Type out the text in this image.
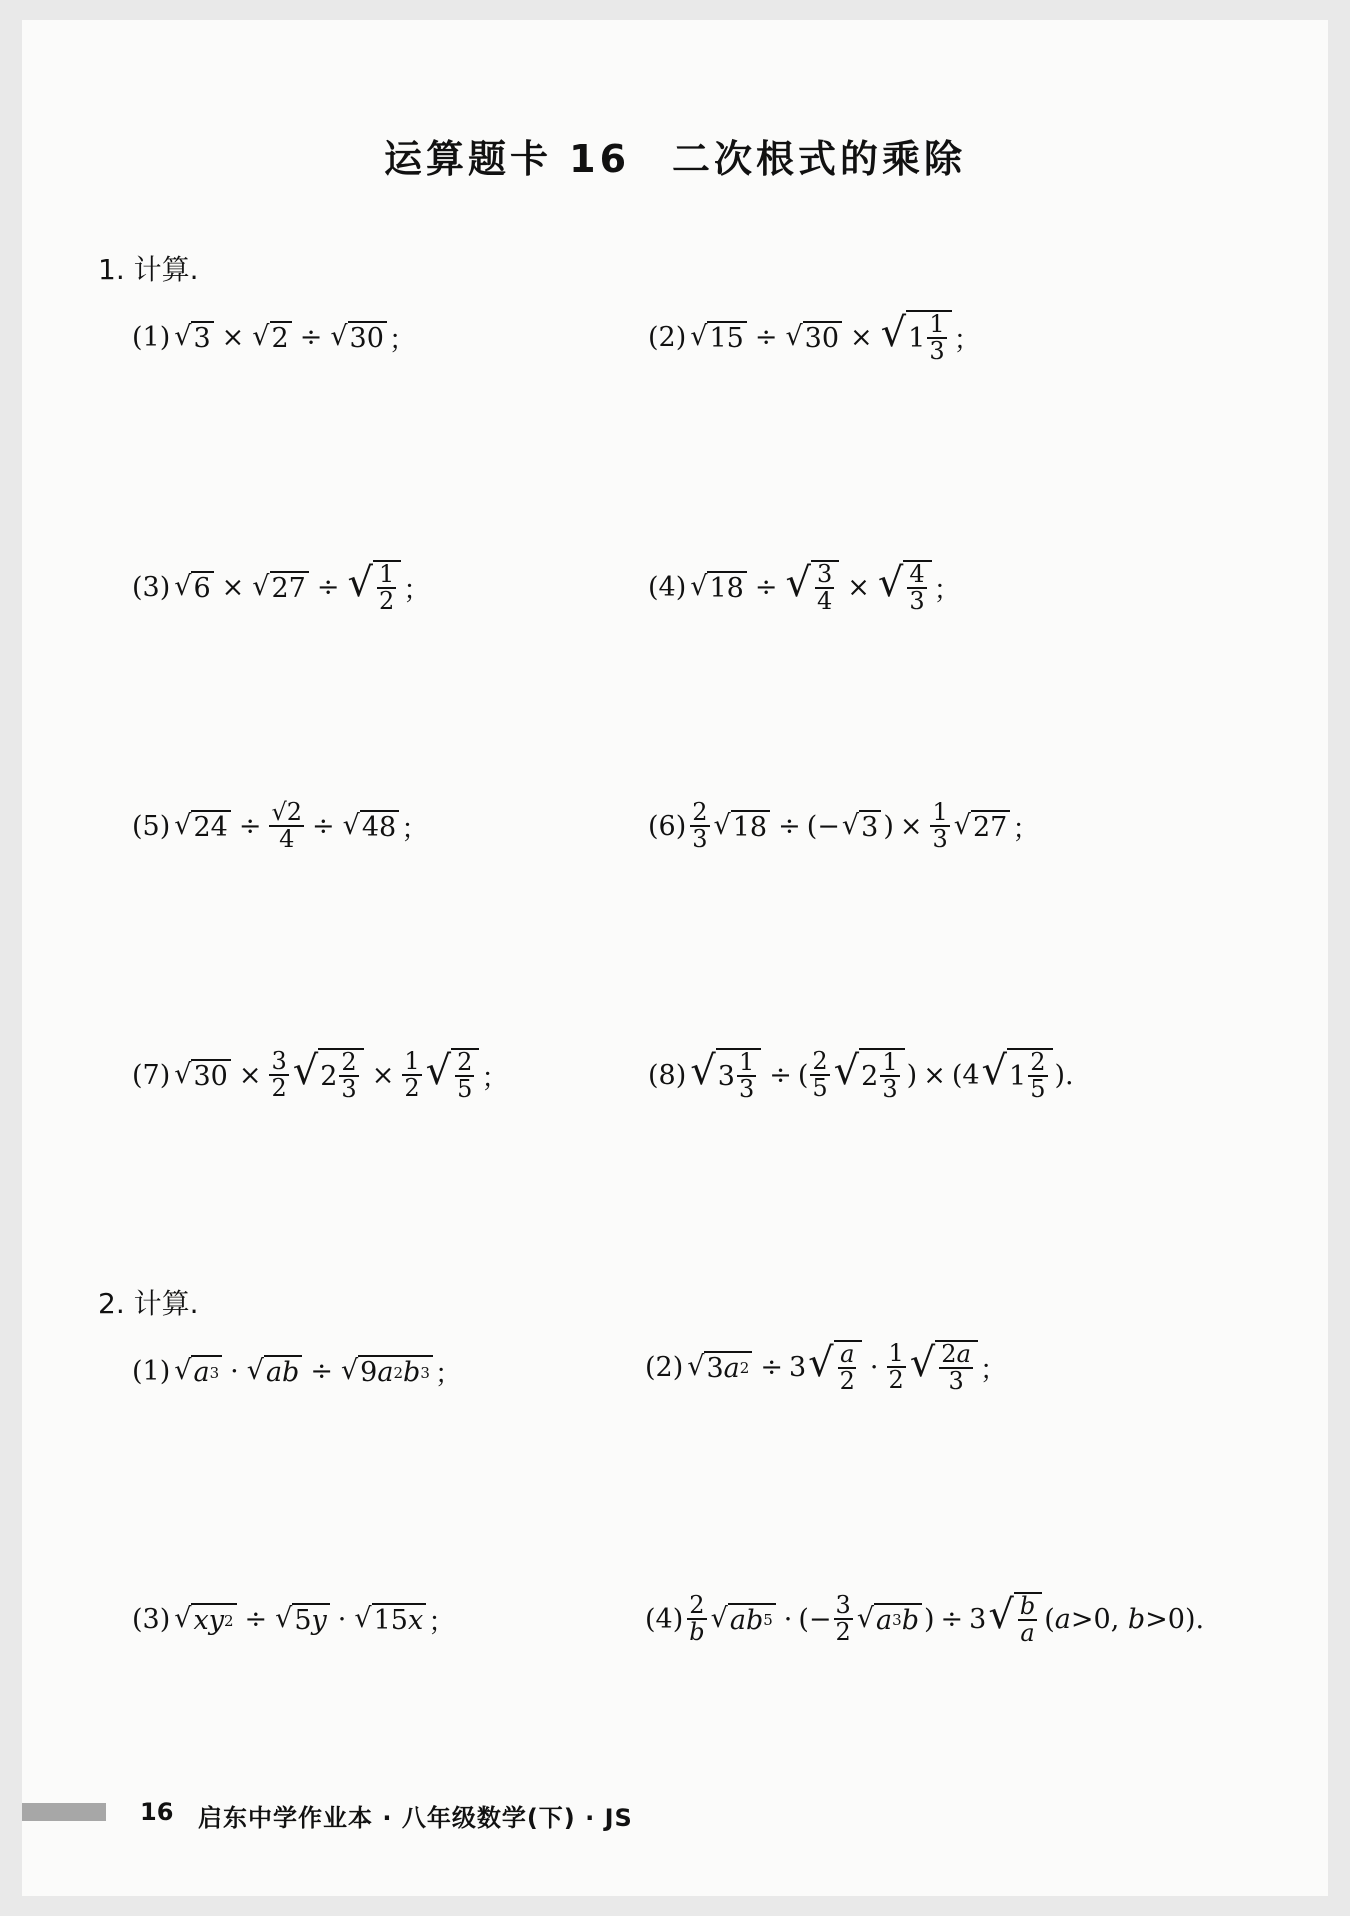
运算题卡 16　二次根式的乘除
1. 计算.
(1) √ 3 × √ 2 ÷ √ 30 ；	(2) √ 15 ÷ √ 30 × √ $1 \frac{1}{3}$ ；
(3) √ 6 × √ 27 ÷ √ $\frac{1}{2}$ ；	(4) √ 18 ÷ √ $\frac{3}{4}$ × √ $\frac{4}{3}$ ；
(5) √ $24 \div \frac{√2}{4}$ ÷ √ 48 ；	$(6) \frac{2}{3}$ √ 18 ÷ (− √ 3 ) × $\frac{1}{3}$ √ 27 ；
(7) √ $30 \times \frac{3}{2}$ √ $2 \frac{2}{3} \times \frac{1}{2}$ √ $\frac{2}{5}$ ；	(8) √ $3 \frac{1}{3}$ ÷ ( $\frac{2}{5}$ √ $2 \frac{1}{3}$ ) × (4 √ $1 \frac{2}{5}$ ).
2. 计算.
(1) √ a 3 · √ ab ÷ √ 9 a 2 b 3 ；	(2) √ 3 a 2 ÷ 3 √ $\frac{a}{2} \cdot \frac{1}{2}$ √ $\frac{2a}{3}$ ；
(3) √ xy 2 ÷ √ 5 y · √ 15 x ；	$(4) \frac{2}{b}$ √ ab 5 · (− $\frac{3}{2}$ √ a 3 b ) ÷ 3 √ $\frac{b}{a} (a>0$, b>0).
16 启东中学作业本 · 八年级数学(下) · JS
